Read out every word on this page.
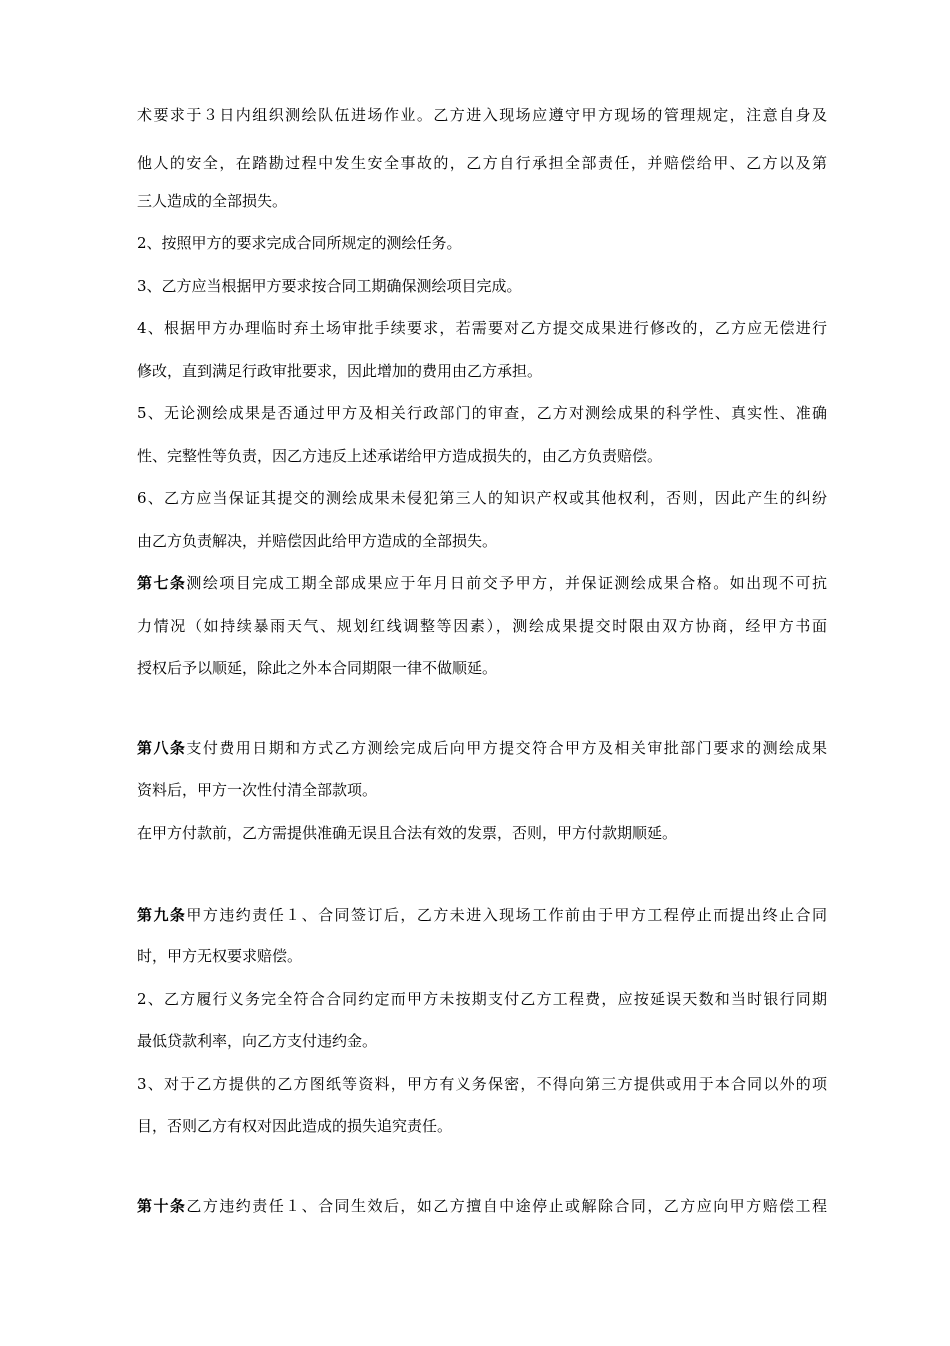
术要求于３日内组织测绘队伍进场作业。乙方进入现场应遵守甲方现场的管理规定，注意自身及
他人的安全，在踏勘过程中发生安全事故的，乙方自行承担全部责任，并赔偿给甲、乙方以及第
三人造成的全部损失。
2、按照甲方的要求完成合同所规定的测绘任务。
3、乙方应当根据甲方要求按合同工期确保测绘项目完成。
4、根据甲方办理临时弃土场审批手续要求，若需要对乙方提交成果进行修改的，乙方应无偿进行
修改，直到满足行政审批要求，因此增加的费用由乙方承担。
5、无论测绘成果是否通过甲方及相关行政部门的审查，乙方对测绘成果的科学性、真实性、准确
性、完整性等负责，因乙方违反上述承诺给甲方造成损失的，由乙方负责赔偿。
6、乙方应当保证其提交的测绘成果未侵犯第三人的知识产权或其他权利，否则，因此产生的纠纷
由乙方负责解决，并赔偿因此给甲方造成的全部损失。
第七条测绘项目完成工期全部成果应于年月日前交予甲方，并保证测绘成果合格。如出现不可抗
力情况（如持续暴雨天气、规划红线调整等因素），测绘成果提交时限由双方协商，经甲方书面
授权后予以顺延，除此之外本合同期限一律不做顺延。
第八条支付费用日期和方式乙方测绘完成后向甲方提交符合甲方及相关审批部门要求的测绘成果
资料后，甲方一次性付清全部款项。
在甲方付款前，乙方需提供准确无误且合法有效的发票，否则，甲方付款期顺延。
第九条甲方违约责任１、合同签订后，乙方未进入现场工作前由于甲方工程停止而提出终止合同
时，甲方无权要求赔偿。
2、乙方履行义务完全符合合同约定而甲方未按期支付乙方工程费，应按延误天数和当时银行同期
最低贷款利率，向乙方支付违约金。
3、对于乙方提供的乙方图纸等资料，甲方有义务保密，不得向第三方提供或用于本合同以外的项
目，否则乙方有权对因此造成的损失追究责任。
第十条乙方违约责任１、合同生效后，如乙方擅自中途停止或解除合同，乙方应向甲方赔偿工程
